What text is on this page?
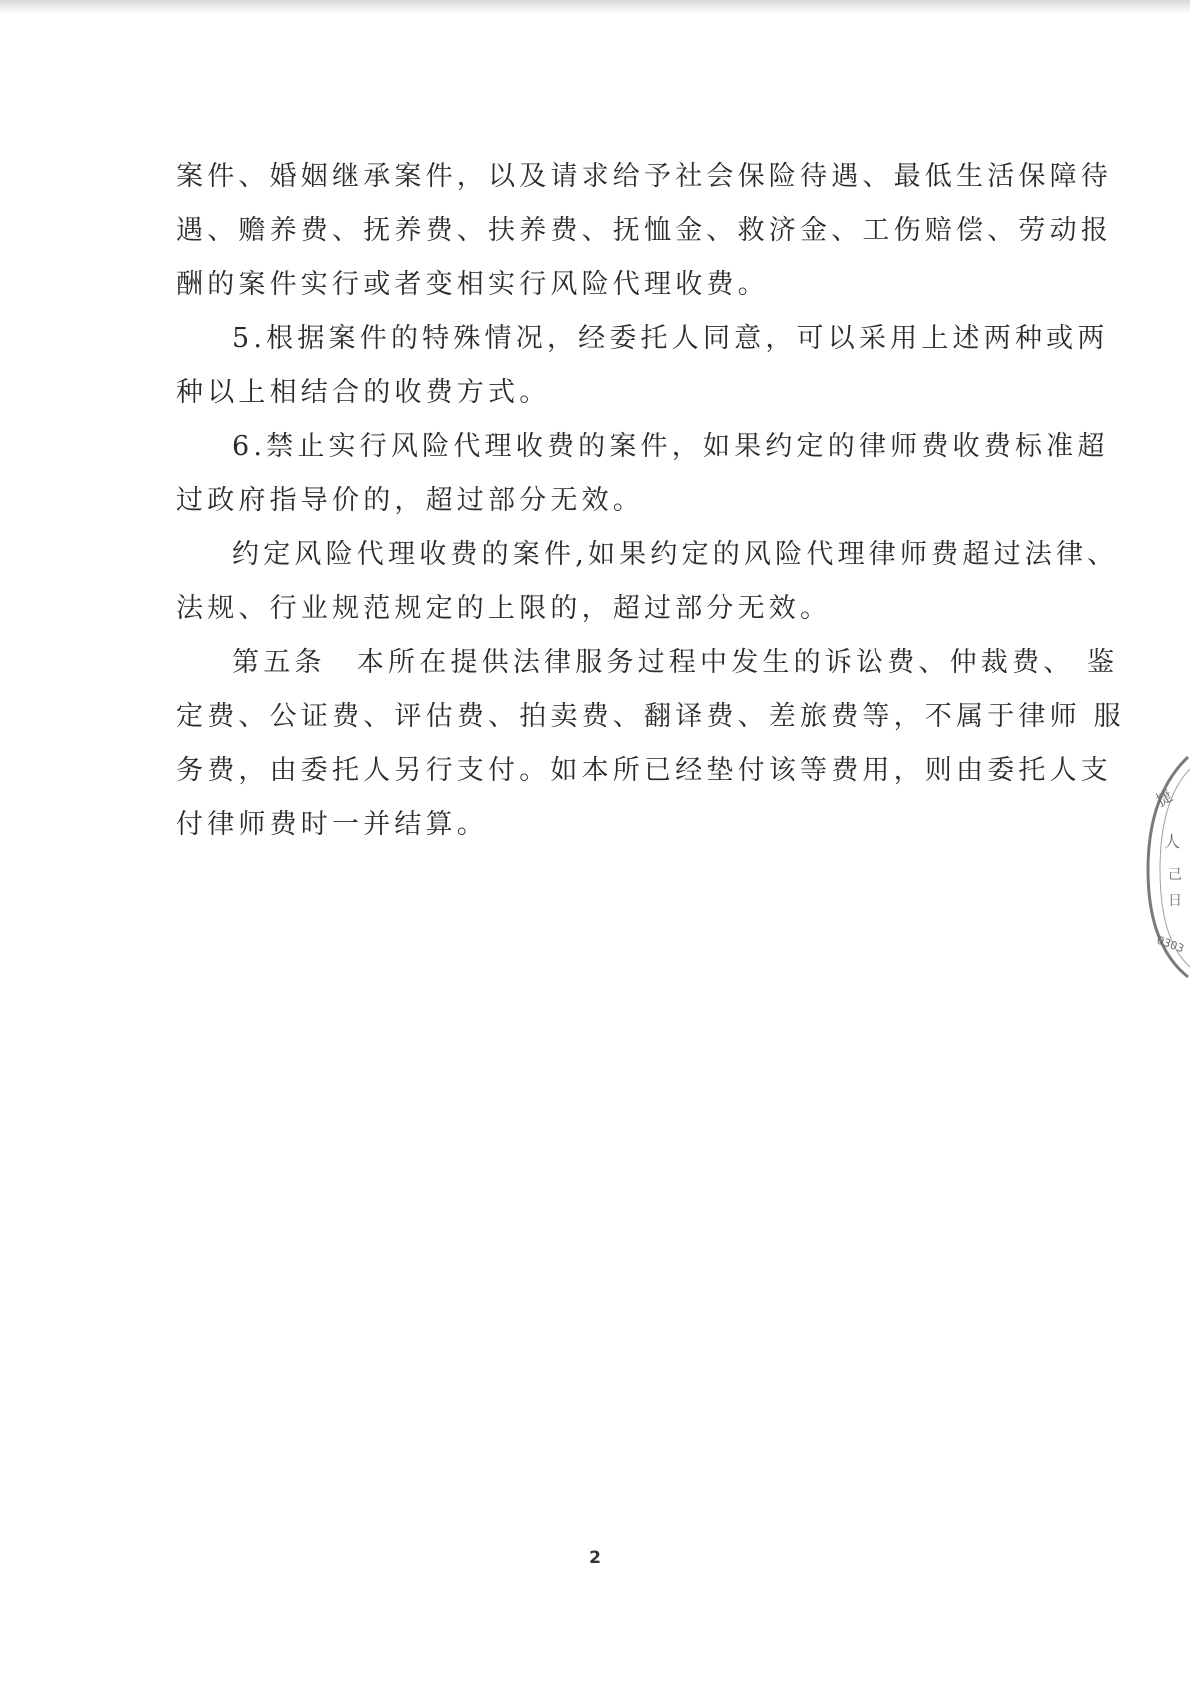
案件、婚姻继承案件，以及请求给予社会保险待遇、最低生活保障待
遇、赡养费、抚养费、扶养费、抚恤金、救济金、工伤赔偿、劳动报
酬的案件实行或者变相实行风险代理收费。
5.根据案件的特殊情况，经委托人同意，可以采用上述两种或两
种以上相结合的收费方式。
6.禁止实行风险代理收费的案件，如果约定的律师费收费标准超
过政府指导价的，超过部分无效。
约定风险代理收费的案件,如果约定的风险代理律师费超过法律、
法规、行业规范规定的上限的，超过部分无效。
第五条　本所在提供法律服务过程中发生的诉讼费、仲裁费、 鉴
定费、公证费、评估费、拍卖费、翻译费、差旅费等，不属于律师 服
务费，由委托人另行支付。如本所已经垫付该等费用，则由委托人支
付律师费时一并结算。
捷
人
己
日
0303
2
